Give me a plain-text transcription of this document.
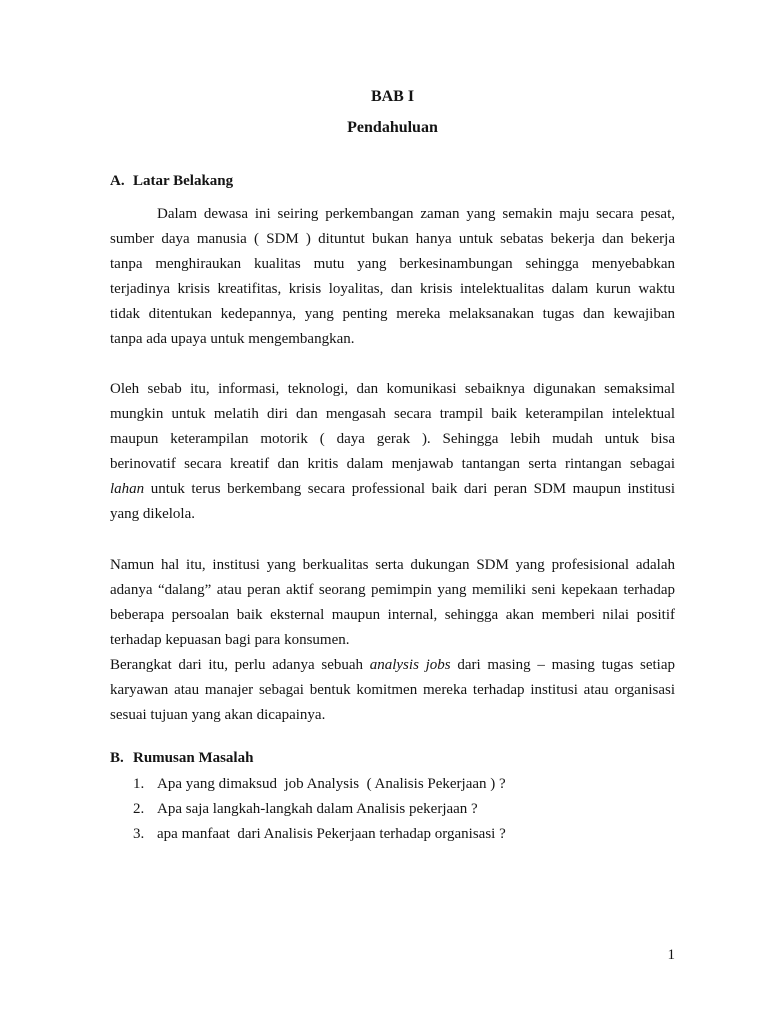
BAB I
Pendahuluan
A. Latar Belakang
Dalam dewasa ini seiring perkembangan zaman yang semakin maju secara pesat,
sumber daya manusia ( SDM ) dituntut bukan hanya untuk sebatas bekerja dan bekerja
tanpa menghiraukan kualitas mutu yang berkesinambungan sehingga menyebabkan
terjadinya krisis kreatifitas, krisis loyalitas, dan krisis intelektualitas dalam kurun waktu
tidak ditentukan kedepannya, yang penting mereka melaksanakan tugas dan kewajiban
tanpa ada upaya untuk mengembangkan.
Oleh sebab itu, informasi, teknologi, dan komunikasi sebaiknya digunakan semaksimal
mungkin untuk melatih diri dan mengasah secara trampil baik keterampilan intelektual
maupun keterampilan motorik ( daya gerak ). Sehingga lebih mudah untuk bisa
berinovatif secara kreatif dan kritis dalam menjawab tantangan serta rintangan sebagai
lahan untuk terus berkembang secara professional baik dari peran SDM maupun institusi
yang dikelola.
Namun hal itu, institusi yang berkualitas serta dukungan SDM yang profesisional adalah
adanya “dalang” atau peran aktif seorang pemimpin yang memiliki seni kepekaan terhadap
beberapa persoalan baik eksternal maupun internal, sehingga akan memberi nilai positif
terhadap kepuasan bagi para konsumen.
Berangkat dari itu, perlu adanya sebuah analysis jobs dari masing – masing tugas setiap
karyawan atau manajer sebagai bentuk komitmen mereka terhadap institusi atau organisasi
sesuai tujuan yang akan dicapainya.
B. Rumusan Masalah
1. Apa yang dimaksud  job Analysis  ( Analisis Pekerjaan ) ?
2. Apa saja langkah-langkah dalam Analisis pekerjaan ?
3. apa manfaat  dari Analisis Pekerjaan terhadap organisasi ?
1
